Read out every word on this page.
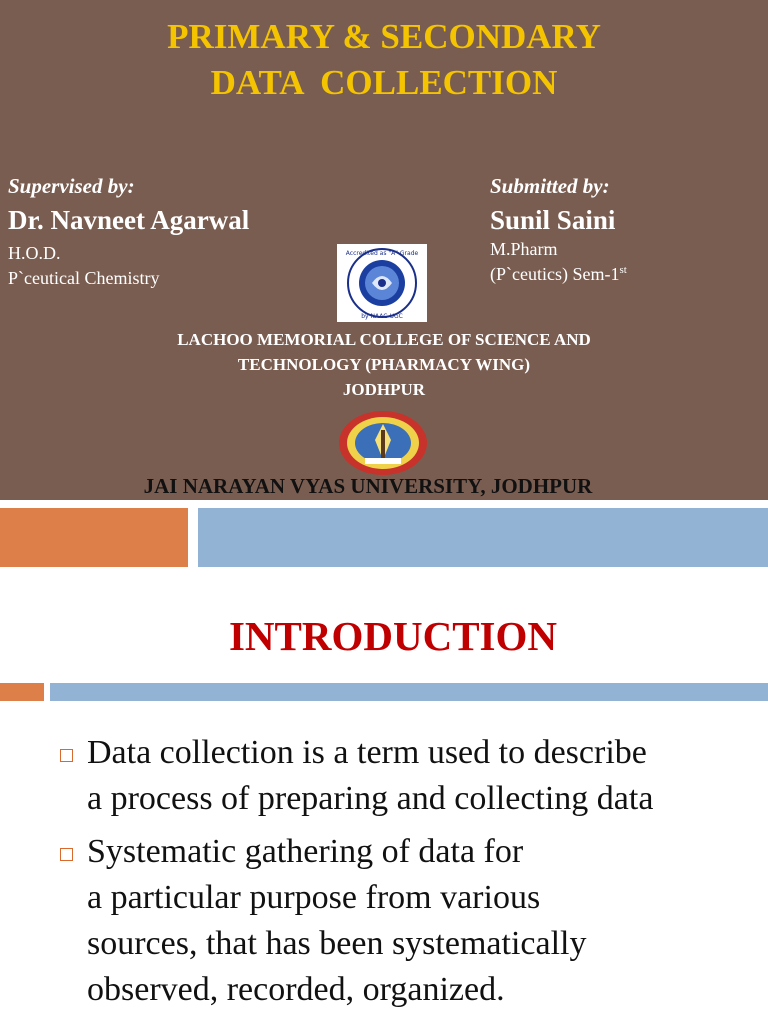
PRIMARY & SECONDARY
DATA  COLLECTION
Supervised by:
Dr. Navneet Agarwal
H.O.D.
P`ceutical Chemistry
Submitted by:
Sunil Saini
M.Pharm
(P`ceutics) Sem-1st
Accredited as "A" Grade
by NAAC-UGC
LACHOO MEMORIAL COLLEGE OF SCIENCE AND
TECHNOLOGY (PHARMACY WING)
JODHPUR
JAI NARAYAN VYAS UNIVERSITY, JODHPUR
INTRODUCTION
Data collection is a term used to describe
a process of preparing and collecting data
Systematic gathering of data for
a particular purpose from various
sources, that has been systematically
observed, recorded, organized.
